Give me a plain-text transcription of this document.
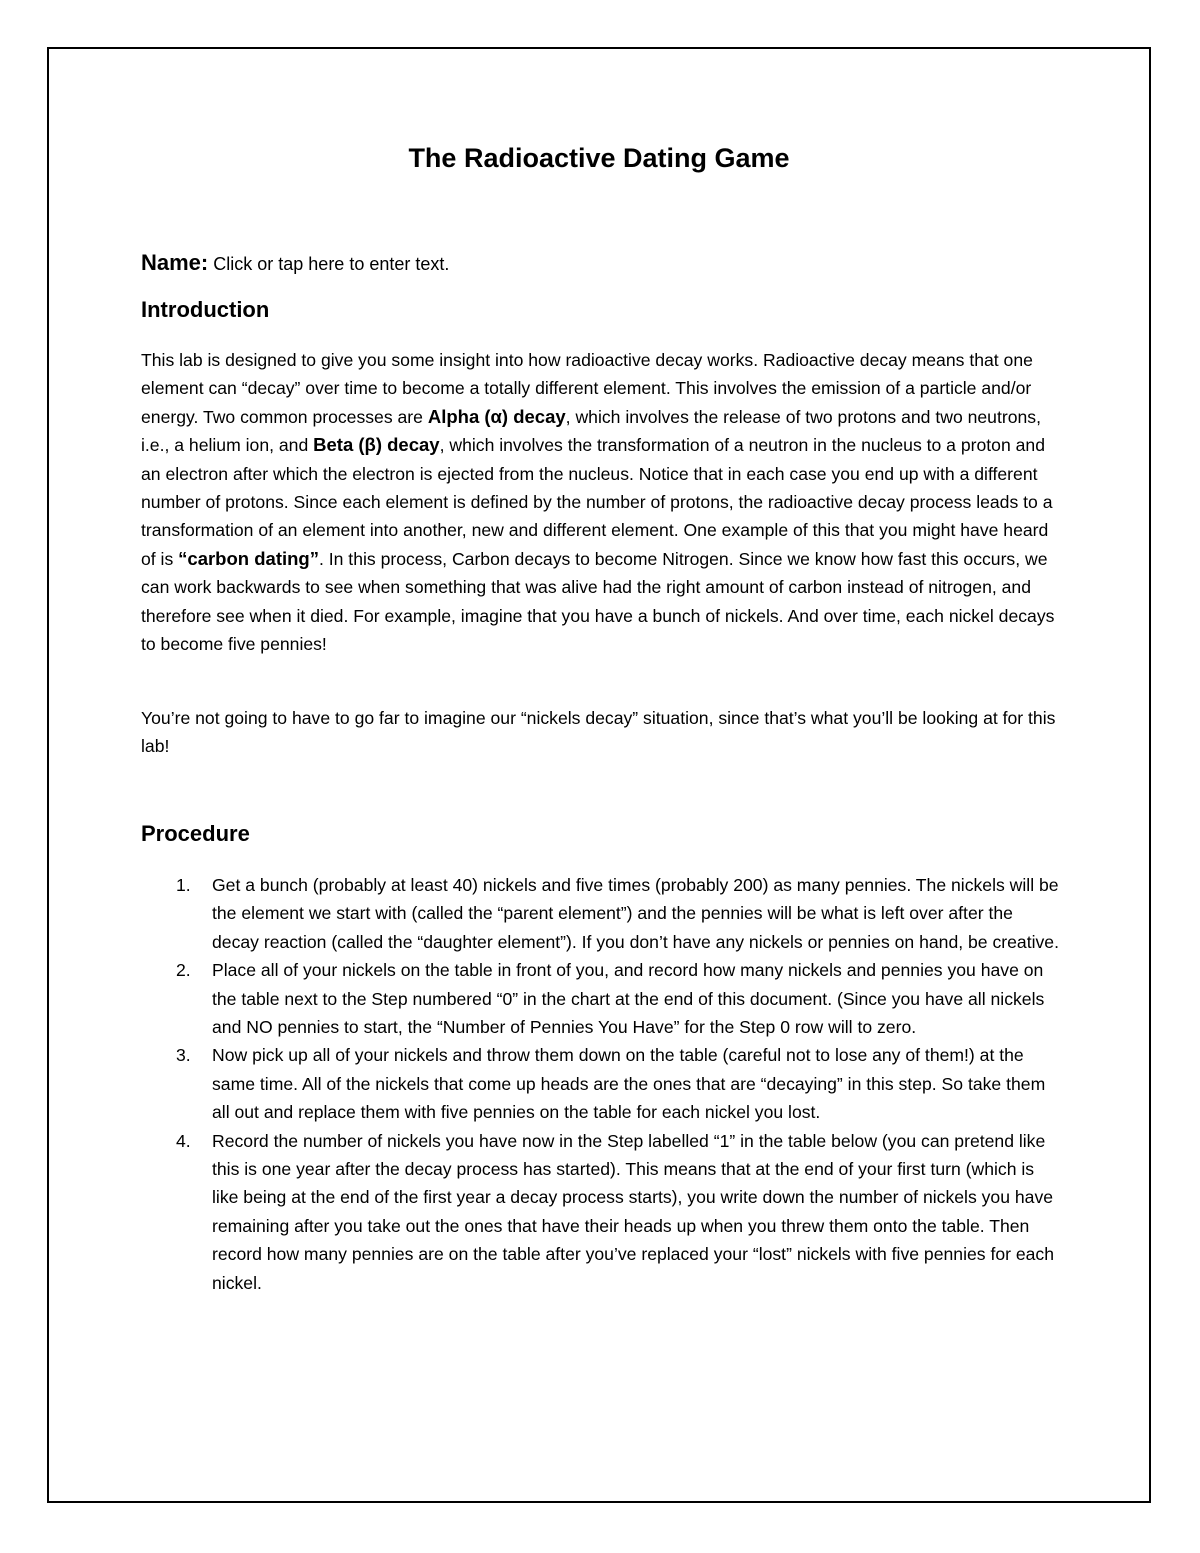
The Radioactive Dating Game

Name: Click or tap here to enter text.

Introduction

This lab is designed to give you some insight into how radioactive decay works. Radioactive decay means that one element can “decay” over time to become a totally different element. This involves the emission of a particle and/or energy. Two common processes are Alpha (α) decay, which involves the release of two protons and two neutrons, i.e., a helium ion, and Beta (β) decay, which involves the transformation of a neutron in the nucleus to a proton and an electron after which the electron is ejected from the nucleus. Notice that in each case you end up with a different number of protons. Since each element is defined by the number of protons, the radioactive decay process leads to a transformation of an element into another, new and different element. One example of this that you might have heard of is “carbon dating”. In this process, Carbon decays to become Nitrogen. Since we know how fast this occurs, we can work backwards to see when something that was alive had the right amount of carbon instead of nitrogen, and therefore see when it died. For example, imagine that you have a bunch of nickels. And over time, each nickel decays to become five pennies!

You’re not going to have to go far to imagine our “nickels decay” situation, since that’s what you’ll be looking at for this lab!

Procedure
1. Get a bunch (probably at least 40) nickels and five times (probably 200) as many pennies. The nickels will be the element we start with (called the “parent element”) and the pennies will be what is left over after the decay reaction (called the “daughter element”). If you don’t have any nickels or pennies on hand, be creative.
2. Place all of your nickels on the table in front of you, and record how many nickels and pennies you have on the table next to the Step numbered “0” in the chart at the end of this document. (Since you have all nickels and NO pennies to start, the “Number of Pennies You Have” for the Step 0 row will to zero.
3. Now pick up all of your nickels and throw them down on the table (careful not to lose any of them!) at the same time. All of the nickels that come up heads are the ones that are “decaying” in this step. So take them all out and replace them with five pennies on the table for each nickel you lost.
4. Record the number of nickels you have now in the Step labelled “1” in the table below (you can pretend like this is one year after the decay process has started). This means that at the end of your first turn (which is like being at the end of the first year a decay process starts), you write down the number of nickels you have remaining after you take out the ones that have their heads up when you threw them onto the table. Then record how many pennies are on the table after you’ve replaced your “lost” nickels with five pennies for each nickel.
